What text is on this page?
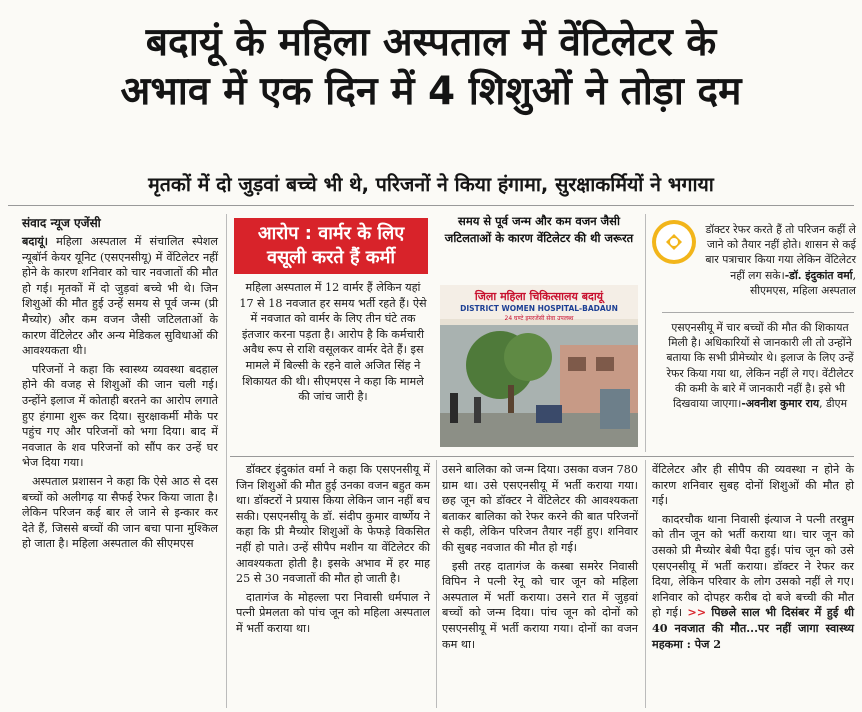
बदायूं के महिला अस्पताल में वेंटिलेटर के
अभाव में एक दिन में 4 शिशुओं ने तोड़ा दम
मृतकों में दो जुड़वां बच्चे भी थे, परिजनों ने किया हंगामा, सुरक्षाकर्मियों ने भगाया
संवाद न्यूज एजेंसी

बदायूं। महिला अस्पताल में संचालित स्पेशल न्यूबॉर्न केयर यूनिट (एसएनसीयू) में वेंटिलेटर नहीं होने के कारण शनिवार को चार नवजातों की मौत हो गई। मृतकों में दो जुड़वां बच्चे भी थे। जिन शिशुओं की मौत हुई उन्हें समय से पूर्व जन्म (प्री मैच्योर) और कम वजन जैसी जटिलताओं के कारण वेंटिलेटर और अन्य मेडिकल सुविधाओं की आवश्यकता थी।

परिजनों ने कहा कि स्वास्थ्य व्यवस्था बदहाल होने की वजह से शिशुओं की जान चली गई। उन्होंने इलाज में कोताही बरतने का आरोप लगाते हुए हंगामा शुरू कर दिया। सुरक्षाकर्मी मौके पर पहुंच गए और परिजनों को भगा दिया। बाद में नवजात के शव परिजनों को सौंप कर उन्हें घर भेज दिया गया।

अस्पताल प्रशासन ने कहा कि ऐसे आठ से दस बच्चों को अलीगढ़ या सैफई रेफर किया जाता है। लेकिन परिजन कई बार ले जाने से इन्कार कर देते हैं, जिससे बच्चों की जान बचा पाना मुश्किल हो जाता है। महिला अस्पताल की सीएमएस

आरोप : वार्मर के लिए
वसूली करते हैं कर्मी

महिला अस्पताल में 12 वार्मर हैं लेकिन यहां 17 से 18 नवजात हर समय भर्ती रहते हैं। ऐसे में नवजात को वार्मर के लिए तीन घंटे तक इंतजार करना पड़ता है। आरोप है कि कर्मचारी अवैध रूप से राशि वसूलकर वार्मर देते हैं। इस मामले में बिल्सी के रहने वाले अजित सिंह ने शिकायत की थी। सीएमएस ने कहा कि मामले की जांच जारी है।

समय से पूर्व जन्म और कम वजन जैसी जटिलताओं के कारण वेंटिलेटर की थी जरूरत
जिला महिला चिकित्सालय बदायूं
DISTRICT WOMEN HOSPITAL-BADAUN
24 घण्टे इमरजेंसी सेवा उपलब्ध
डॉक्टर रेफर करते हैं तो परिजन कहीं ले जाने को तैयार नहीं होते। शासन से कई बार पत्राचार किया गया लेकिन वेंटिलेटर नहीं लग सके।-डॉ. इंदुकांत वर्मा, सीएमएस, महिला अस्पताल
एसएनसीयू में चार बच्चों की मौत की शिकायत मिली है। अधिकारियों से जानकारी ली तो उन्होंने बताया कि सभी प्रीमेच्योर थे। इलाज के लिए उन्हें रेफर किया गया था, लेकिन नहीं ले गए। वेंटीलेटर की कमी के बारे में जानकारी नहीं है। इसे भी दिखवाया जाएगा।-अवनीश कुमार राय, डीएम

डॉक्टर इंदुकांत वर्मा ने कहा कि एसएनसीयू में जिन शिशुओं की मौत हुई उनका वजन बहुत कम था। डॉक्टरों ने प्रयास किया लेकिन जान नहीं बच सकी। एसएनसीयू के डॉ. संदीप कुमार वार्ष्णेय ने कहा कि प्री मैच्योर शिशुओं के फेफड़े विकसित नहीं हो पाते। उन्हें सीपैप मशीन या वेंटिलेटर की आवश्यकता होती है। इसके अभाव में हर माह 25 से 30 नवजातों की मौत हो जाती है।

दातागंज के मोहल्ला परा निवासी धर्मपाल ने पत्नी प्रेमलता को पांच जून को महिला अस्पताल में भर्ती कराया था।

उसने बालिका को जन्म दिया। उसका वजन 780 ग्राम था। उसे एसएनसीयू में भर्ती कराया गया। छह जून को डॉक्टर ने वेंटिलेटर की आवश्यकता बताकर बालिका को रेफर करने की बात परिजनों से कही, लेकिन परिजन तैयार नहीं हुए। शनिवार की सुबह नवजात की मौत हो गई।

इसी तरह दातागंज के कस्बा समरेर निवासी विपिन ने पत्नी रेनू को चार जून को महिला अस्पताल में भर्ती कराया। उसने रात में जुड़वां बच्चों को जन्म दिया। पांच जून को दोनों को एसएनसीयू में भर्ती कराया गया। दोनों का वजन कम था।

वेंटिलेटर और ही सीपैप की व्यवस्था न होने के कारण शनिवार सुबह दोनों शिशुओं की मौत हो गई।

कादरचौक थाना निवासी इंत्याज ने पत्नी तरन्नुम को तीन जून को भर्ती कराया था। चार जून को उसको प्री मैच्योर बेबी पैदा हुई। पांच जून को उसे एसएनसीयू में भर्ती कराया। डॉक्टर ने रेफर कर दिया, लेकिन परिवार के लोग उसको नहीं ले गए। शनिवार को दोपहर करीब दो बजे बच्ची की मौत हो गई। >> पिछले साल भी दिसंबर में हुई थी 40 नवजात की मौत...पर नहीं जागा स्वास्थ्य महकमा : पेज 2
